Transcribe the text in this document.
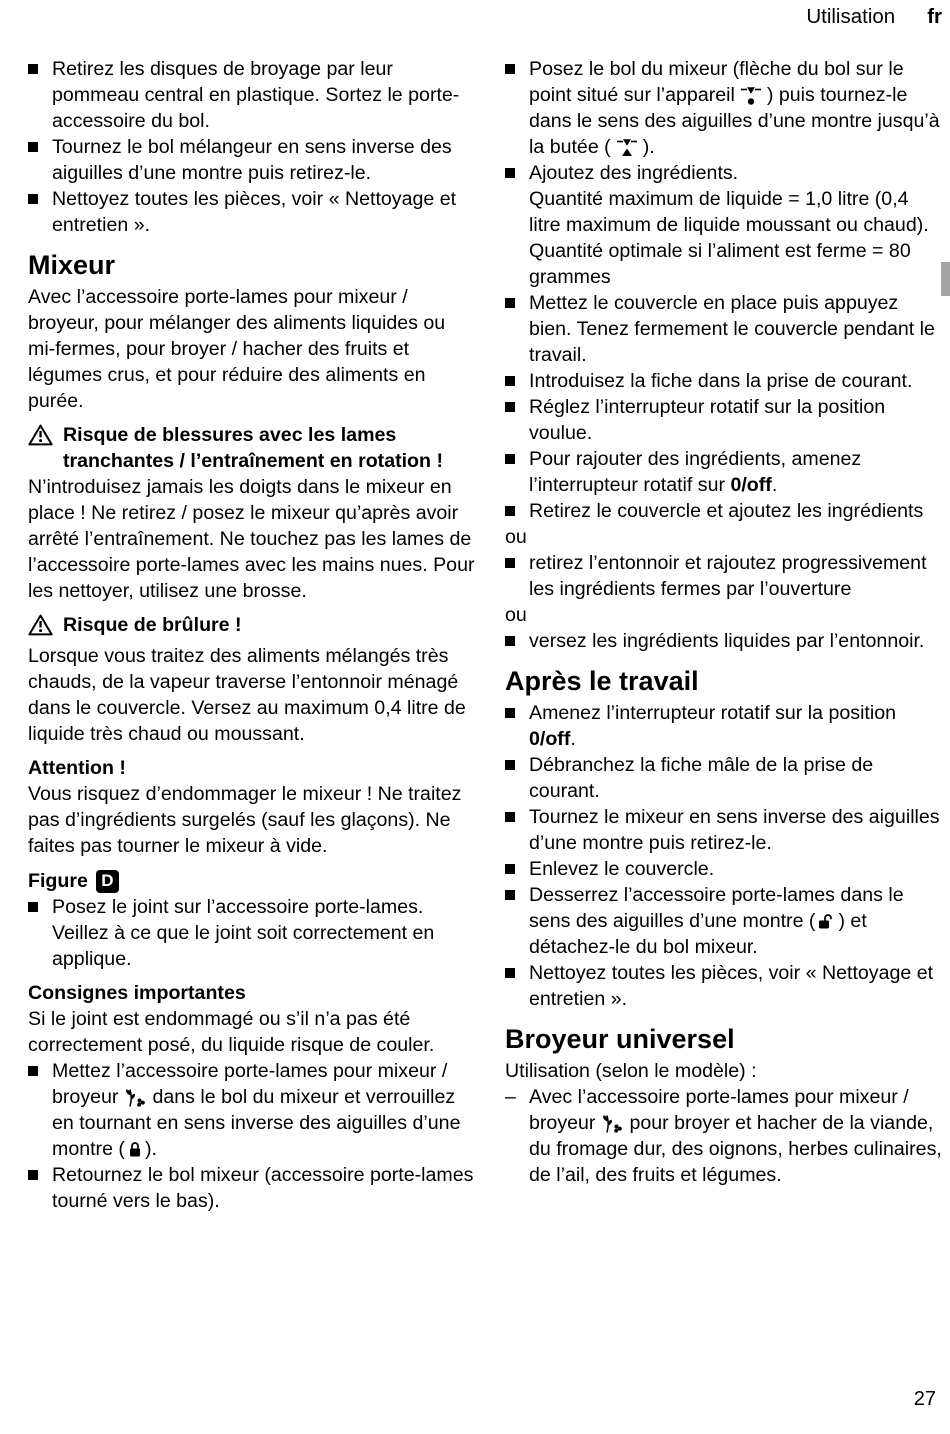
Utilisation fr

Retirez les disques de broyage par leur pommeau central en plastique. Sortez le porte-accessoire du bol.

Tournez le bol mélangeur en sens inverse des aiguilles d’une montre puis retirez-le.

Nettoyez toutes les pièces, voir « Nettoyage et entretien ».

Mixeur

Avec l’accessoire porte-lames pour mixeur / broyeur, pour mélanger des aliments liquides ou mi-fermes, pour broyer / hacher des fruits et légumes crus, et pour réduire des aliments en purée.

Risque de blessures avec les lames tranchantes / l’entraînement en rotation !

N’introduisez jamais les doigts dans le mixeur en place ! Ne retirez / posez le mixeur qu’après avoir arrêté l’entraînement. Ne touchez pas les lames de l’accessoire porte-lames avec les mains nues. Pour les nettoyer, utilisez une brosse.

Risque de brûlure !

Lorsque vous traitez des aliments mélangés très chauds, de la vapeur traverse l’entonnoir ménagé dans le couvercle. Versez au maximum 0,4 litre de liquide très chaud ou moussant.

Attention !

Vous risquez d’endommager le mixeur ! Ne traitez pas d’ingrédients surgelés (sauf les glaçons). Ne faites pas tourner le mixeur à vide.

Figure D

Posez le joint sur l’accessoire porte-lames. Veillez à ce que le joint soit correctement en applique.

Consignes importantes

Si le joint est endommagé ou s’il n’a pas été correctement posé, du liquide risque de couler.

Mettez l’accessoire porte-lames pour mixeur / broyeur dans le bol du mixeur et verrouillez en tournant en sens inverse des aiguilles d’une montre ( ).

Retournez le bol mixeur (accessoire porte-lames tourné vers le bas).

Posez le bol du mixeur (flèche du bol sur le point situé sur l’appareil ) puis tournez-le dans le sens des aiguilles d’une montre jusqu’à la butée ( ).

Ajoutez des ingrédients.
Quantité maximum de liquide = 1,0 litre (0,4 litre maximum de liquide moussant ou chaud).
Quantité optimale si l’aliment est ferme = 80 grammes

Mettez le couvercle en place puis appuyez bien. Tenez fermement le couvercle pendant le travail.

Introduisez la fiche dans la prise de courant.

Réglez l’interrupteur rotatif sur la position voulue.

Pour rajouter des ingrédients, amenez l’interrupteur rotatif sur 0/off.

Retirez le couvercle et ajoutez les ingrédients

ou

retirez l’entonnoir et rajoutez progressivement les ingrédients fermes par l’ouverture

ou

versez les ingrédients liquides par l’entonnoir.

Après le travail

Amenez l’interrupteur rotatif sur la position 0/off.

Débranchez la fiche mâle de la prise de courant.

Tournez le mixeur en sens inverse des aiguilles d’une montre puis retirez-le.

Enlevez le couvercle.

Desserrez l’accessoire porte-lames dans le sens des aiguilles d’une montre ( ) et détachez-le du bol mixeur.

Nettoyez toutes les pièces, voir « Nettoyage et entretien ».

Broyeur universel

Utilisation (selon le modèle) :

– Avec l’accessoire porte-lames pour mixeur / broyeur pour broyer et hacher de la viande, du fromage dur, des oignons, herbes culinaires, de l’ail, des fruits et légumes.

27
